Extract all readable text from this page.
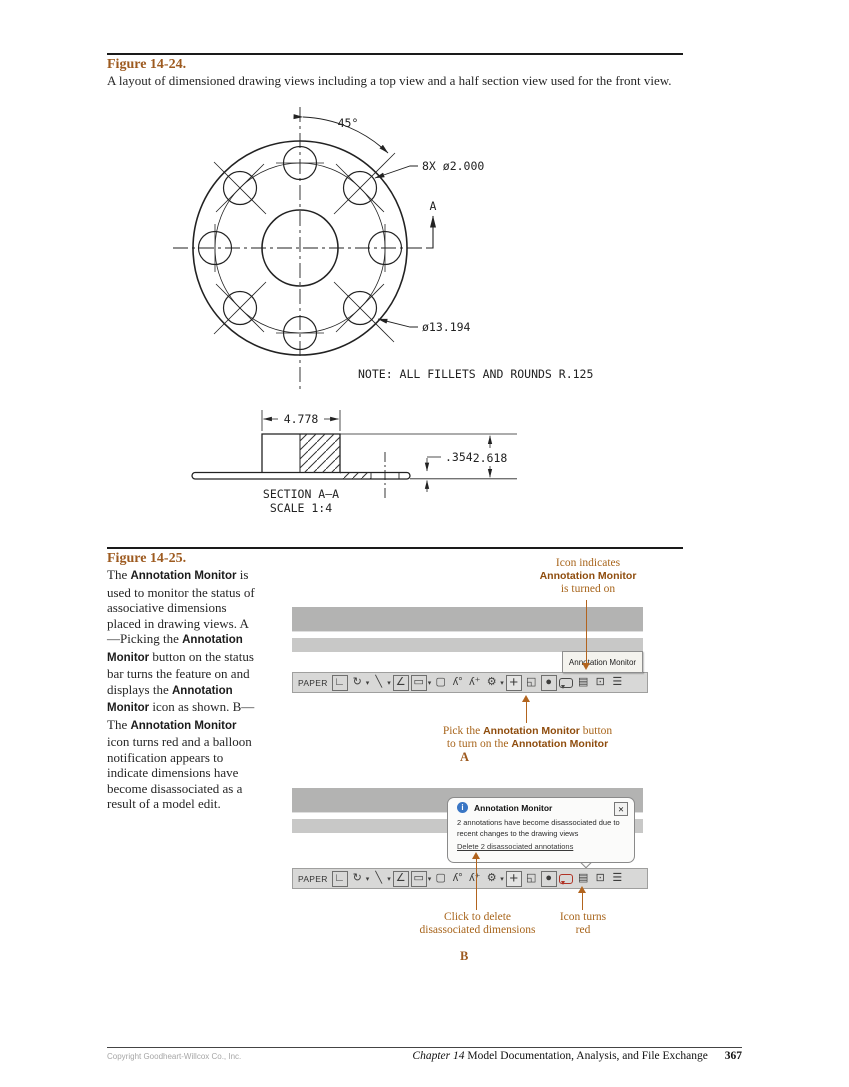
Figure 14-24.
A layout of dimensioned drawing views including a top view and a half section view used for the front view.
45°
8X ø2.000
A
ø13.194
NOTE: ALL FILLETS AND ROUNDS R.125
4.778
.354 2.618
SECTION A–A
SCALE 1:4
Figure 14-25.
The Annotation Monitor is used to monitor the status of associative dimensions placed in drawing views. A—Picking the Annotation Monitor button on the status bar turns the feature on and displays the Annotation Monitor icon as shown. B—The Annotation Monitor icon turns red and a balloon notification appears to indicate dimensions have become disassociated as a result of a model edit.
Icon indicates
Annotation Monitor
is turned on
Annotation Monitor
PAPER ∟ ↻ ▾ ╲ ▾ ∠ ▭ ▾ ▢ ʎ° ʎ⁺ ⚙ ▾ + ◱ ●	▤ ⊡ ☰
Pick the Annotation Monitor button
to turn on the Annotation Monitor
A
i	Annotation Monitor	✕
2 annotations have become disassociated due to recent changes to the drawing views
Delete 2 disassociated annotations
PAPER ∟ ↻ ▾ ╲ ▾ ∠ ▭ ▾ ▢ ʎ° ʎ⁺ ⚙ ▾ + ◱ ●	▤ ⊡ ☰
Click to delete
disassociated dimensions
Icon turns
red
B
Copyright Goodheart-Willcox Co., Inc.	Chapter 14 Model Documentation, Analysis, and File Exchange 367
